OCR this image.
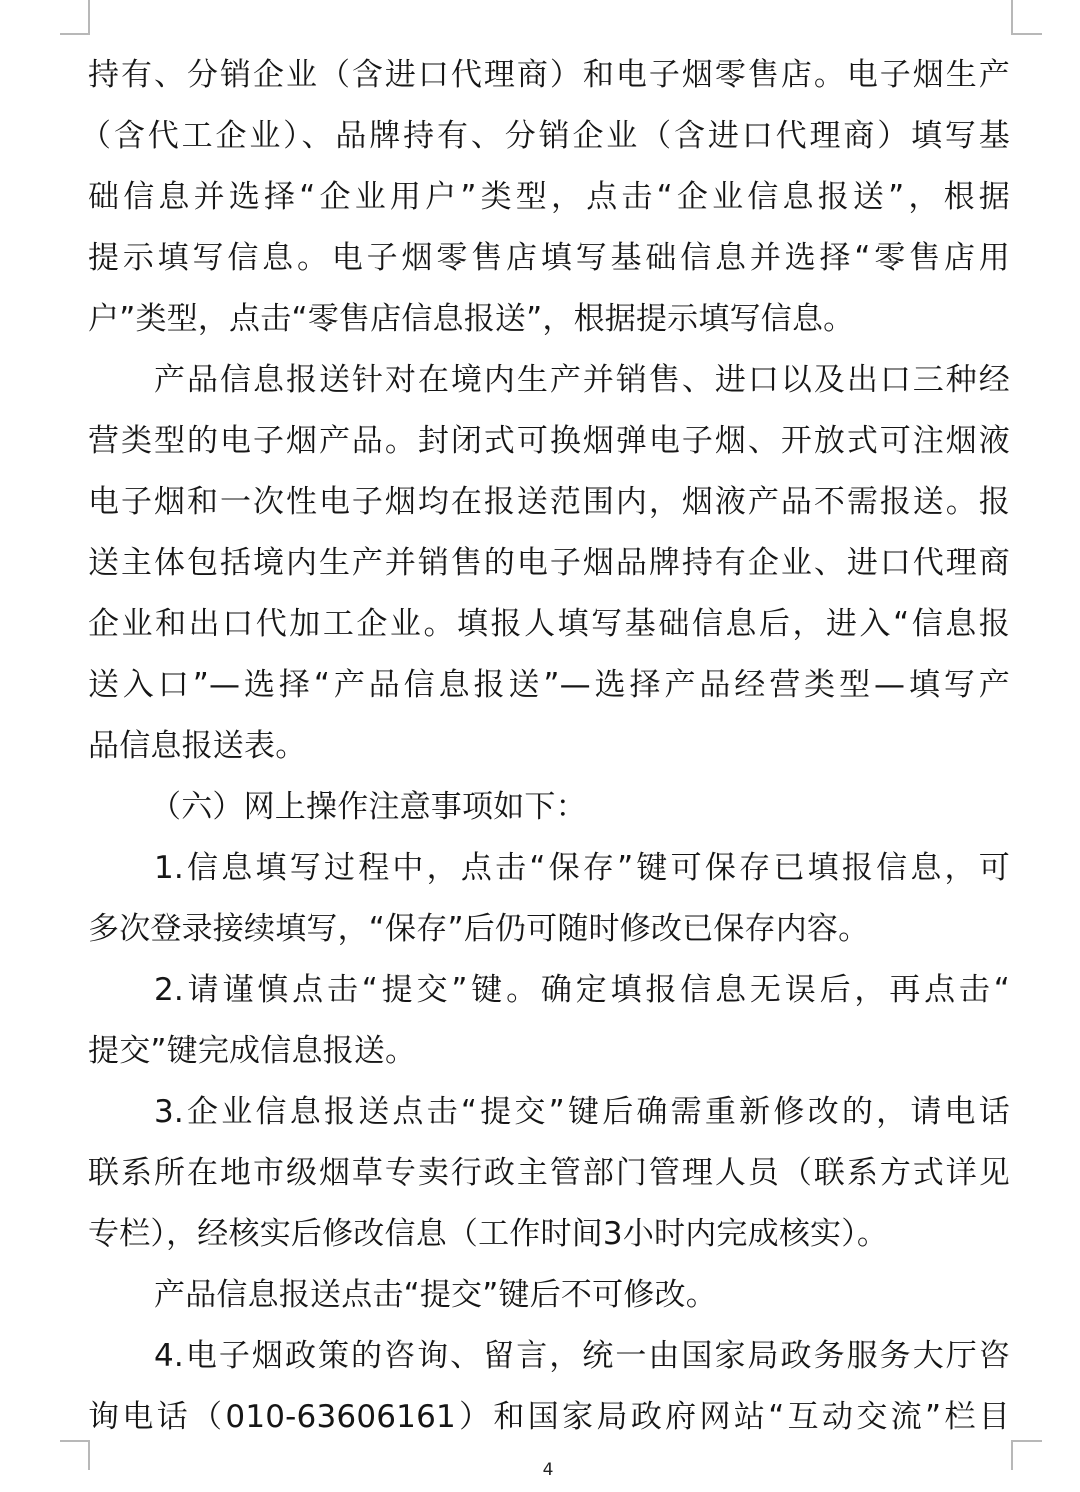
持有、分销企业（含进口代理商）和电子烟零售店。电子烟生产
（含代工企业）、品牌持有、分销企业（含进口代理商）填写基
础信息并选择“企业用户”类型，点击“企业信息报送”，根据
提示填写信息。电子烟零售店填写基础信息并选择“零售店用
户”类型，点击“零售店信息报送”，根据提示填写信息。
产品信息报送针对在境内生产并销售、进口以及出口三种经
营类型的电子烟产品。封闭式可换烟弹电子烟、开放式可注烟液
电子烟和一次性电子烟均在报送范围内，烟液产品不需报送。报
送主体包括境内生产并销售的电子烟品牌持有企业、进口代理商
企业和出口代加工企业。填报人填写基础信息后，进入“信息报
送入口”—选择“产品信息报送”—选择产品经营类型—填写产
品信息报送表。
（六）网上操作注意事项如下：
1.信息填写过程中，点击“保存”键可保存已填报信息，可
多次登录接续填写，“保存”后仍可随时修改已保存内容。
2.请谨慎点击“提交”键。确定填报信息无误后，再点击“
提交”键完成信息报送。
3.企业信息报送点击“提交”键后确需重新修改的，请电话
联系所在地市级烟草专卖行政主管部门管理人员（联系方式详见
专栏），经核实后修改信息（工作时间3小时内完成核实）。
产品信息报送点击“提交”键后不可修改。
4.电子烟政策的咨询、留言，统一由国家局政务服务大厅咨
询电话（010-63606161）和国家局政府网站“互动交流”栏目
4
